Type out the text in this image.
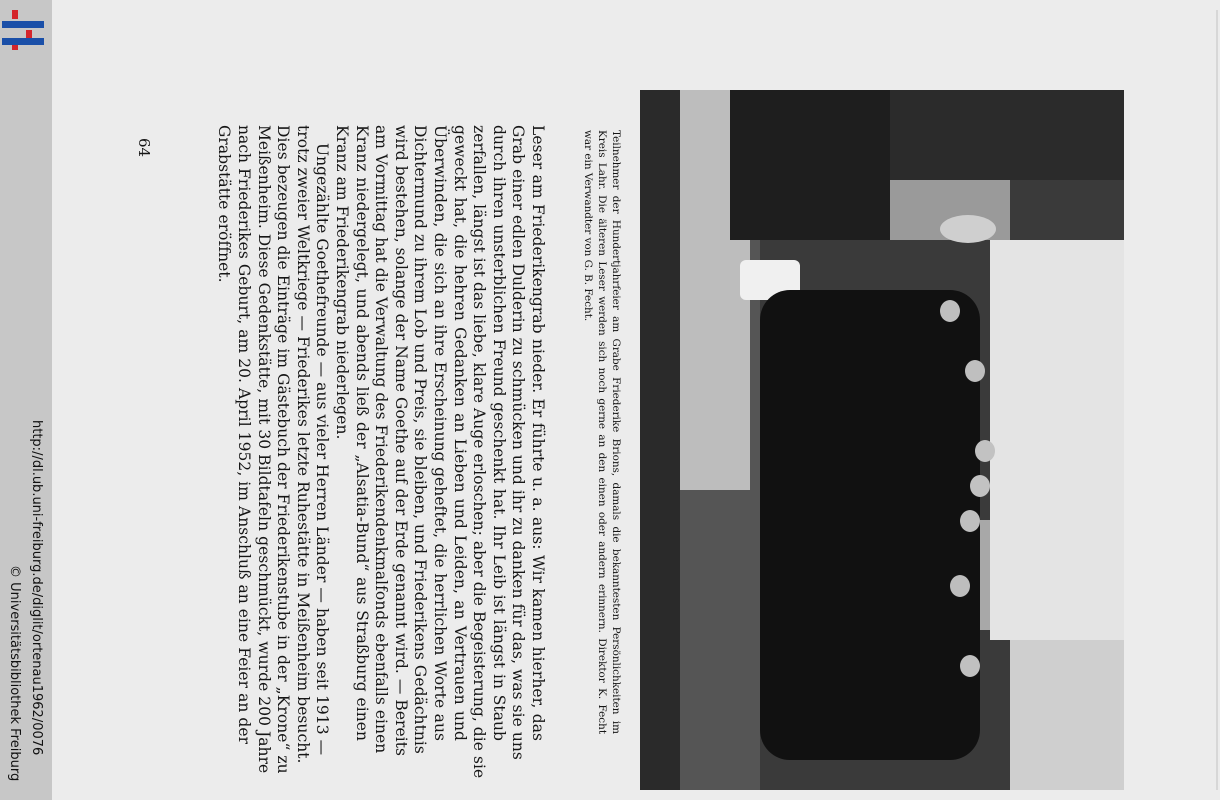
Teilnehmer der Hundertjahrfeier am Grabe Friederike Brions, damals die bekanntesten Persönlichkeiten im
Kreis Lahr. Die älteren Leser werden sich noch gerne an den einen oder andern erinnern. Direktor K. Fecht
war ein Verwandter von G. B. Fecht.
Leser am Friederikengrab nieder. Er führte u. a. aus: Wir kamen hierher, das
Grab einer edlen Dulderin zu schmücken und ihr zu danken für das, was sie uns
durch ihren unsterblichen Freund geschenkt hat. Ihr Leib ist längst in Staub
zerfallen, längst ist das liebe, klare Auge erloschen; aber die Begeisterung, die sie
geweckt hat, die hehren Gedanken an Lieben und Leiden, an Vertrauen und
Überwinden, die sich an ihre Erscheinung geheftet, die herrlichen Worte aus
Dichtermund zu ihrem Lob und Preis, sie bleiben, und Friederikens Gedächtnis
wird bestehen, solange der Name Goethe auf der Erde genannt wird. — Bereits
am Vormittag hat die Verwaltung des Friederikendenkmalfonds ebenfalls einen
Kranz niedergelegt, und abends ließ der „Alsatia-Bund“ aus Straßburg einen
Kranz am Friederikengrab niederlegen.
Ungezählte Goethefreunde — aus vieler Herren Länder — haben seit 1913 —
trotz zweier Weltkriege — Friederikes letzte Ruhestätte in Meißenheim besucht.
Dies bezeugen die Einträge im Gästebuch der Friederikenstube in der „Krone“ zu
Meißenheim. Diese Gedenkstätte, mit 30 Bildtafeln geschmückt, wurde 200 Jahre
nach Friederikes Geburt, am 20. April 1952, im Anschluß an eine Feier an der
Grabstätte eröffnet.
64
http://dl.ub.uni-freiburg.de/diglit/ortenau1962/0076
© Universitätsbibliothek Freiburg
